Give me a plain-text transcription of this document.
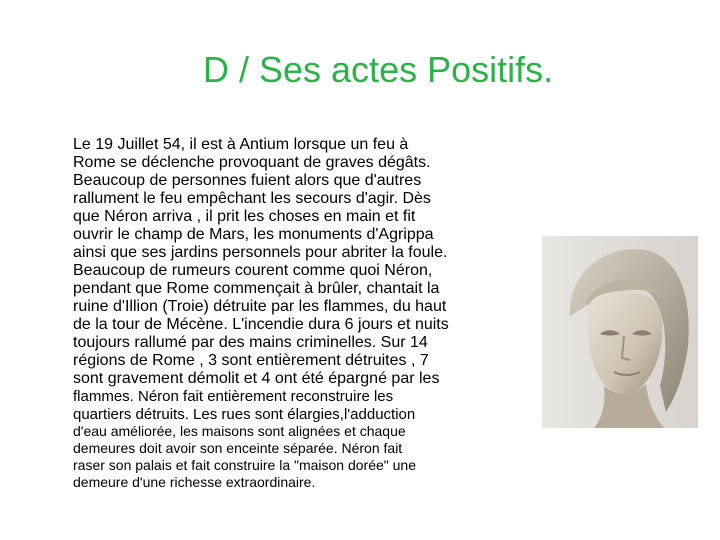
D / Ses actes Positifs.

Le 19 Juillet 54, il est à Antium lorsque un feu à
Rome se déclenche provoquant de graves dégâts.
Beaucoup de personnes fuient alors que d'autres
rallument le feu empêchant les secours d'agir. Dès
que Néron arriva , il prit les choses en main et fit
ouvrir le champ de Mars, les monuments d'Agrippa
ainsi que ses jardins personnels pour abriter la foule.
Beaucoup de rumeurs courent comme quoi Néron,
pendant que Rome commençait à brûler, chantait la
ruine d'Illion (Troie) détruite par les flammes, du haut
de la tour de Mécène. L'incendie dura 6 jours et nuits
toujours rallumé par des mains criminelles. Sur 14
régions de Rome , 3 sont entièrement détruites , 7
sont gravement démolit et 4 ont été épargné par les
flammes. Néron fait entièrement reconstruire les
quartiers détruits. Les rues sont élargies,l'adduction
d'eau améliorée, les maisons sont alignées et chaque
demeures doit avoir son enceinte séparée. Néron fait
raser son palais et fait construire la "maison dorée" une
demeure d'une richesse extraordinaire.
